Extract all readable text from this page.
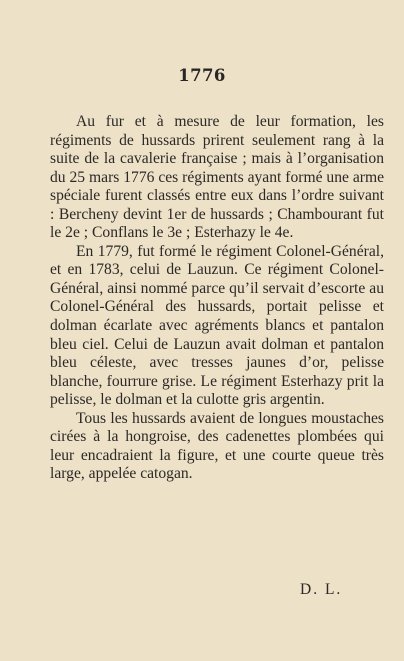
1776

Au fur et à mesure de leur formation, les régiments de hussards prirent seulement rang à la suite de la cavalerie française ; mais à l’organisation du 25 mars 1776 ces régiments ayant formé une arme spéciale furent classés entre eux dans l’ordre suivant : Bercheny devint 1er de hussards ; Chambourant fut le 2e ; Conflans le 3e ; Esterhazy le 4e.

En 1779, fut formé le régiment Colonel-Général, et en 1783, celui de Lauzun. Ce régiment Colonel-Général, ainsi nommé parce qu’il servait d’escorte au Colonel-Général des hussards, portait pelisse et dolman écarlate avec agréments blancs et pantalon bleu ciel. Celui de Lauzun avait dolman et pantalon bleu céleste, avec tresses jaunes d’or, pelisse blanche, fourrure grise. Le régiment Esterhazy prit la pelisse, le dolman et la culotte gris argentin.

Tous les hussards avaient de longues moustaches cirées à la hongroise, des cadenettes plombées qui leur encadraient la figure, et une courte queue très large, appelée catogan.

D. L.
